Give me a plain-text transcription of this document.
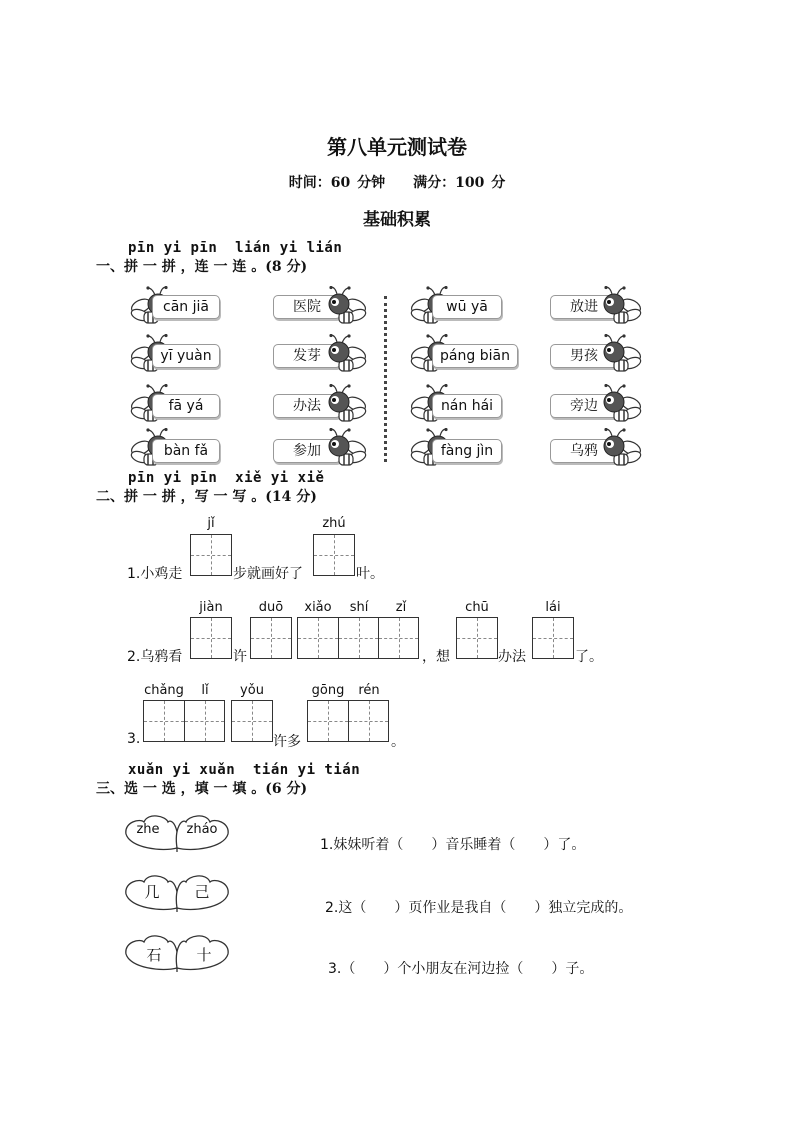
第八单元测试卷
时间：60 分钟 满分：100 分
基础积累
pīn yi pīn  lián yi lián
一、拼 一 拼 ，连 一 连 。(8 分)
cān jiā
yī yuàn
fā yá
bàn fǎ
医院
发芽
办法
参加
wū yā
páng biān
nán hái
fàng jìn
放进
男孩
旁边
乌鸦
pīn yi pīn  xiě yi xiě
二、拼 一 拼 ，写 一 写 。(14 分)
jǐ	zhú
1.小鸡走	步就画好了	叶。
jiàn	duō	xiǎo	shí	zǐ	chū	lái
2.乌鸦看	许	，想	办法	了。
chǎng	lǐ	yǒu	gōng	rén
3.	许多	。
xuǎn yi xuǎn  tián yi tián
三、选 一 选 ，填 一 填 。(6 分)
zhe	zháo
几	己
石	十
1.妹妹听着（　　）音乐睡着（　　）了。
2.这（　　）页作业是我自（　　）独立完成的。
3.（　　）个小朋友在河边捡（　　）子。
